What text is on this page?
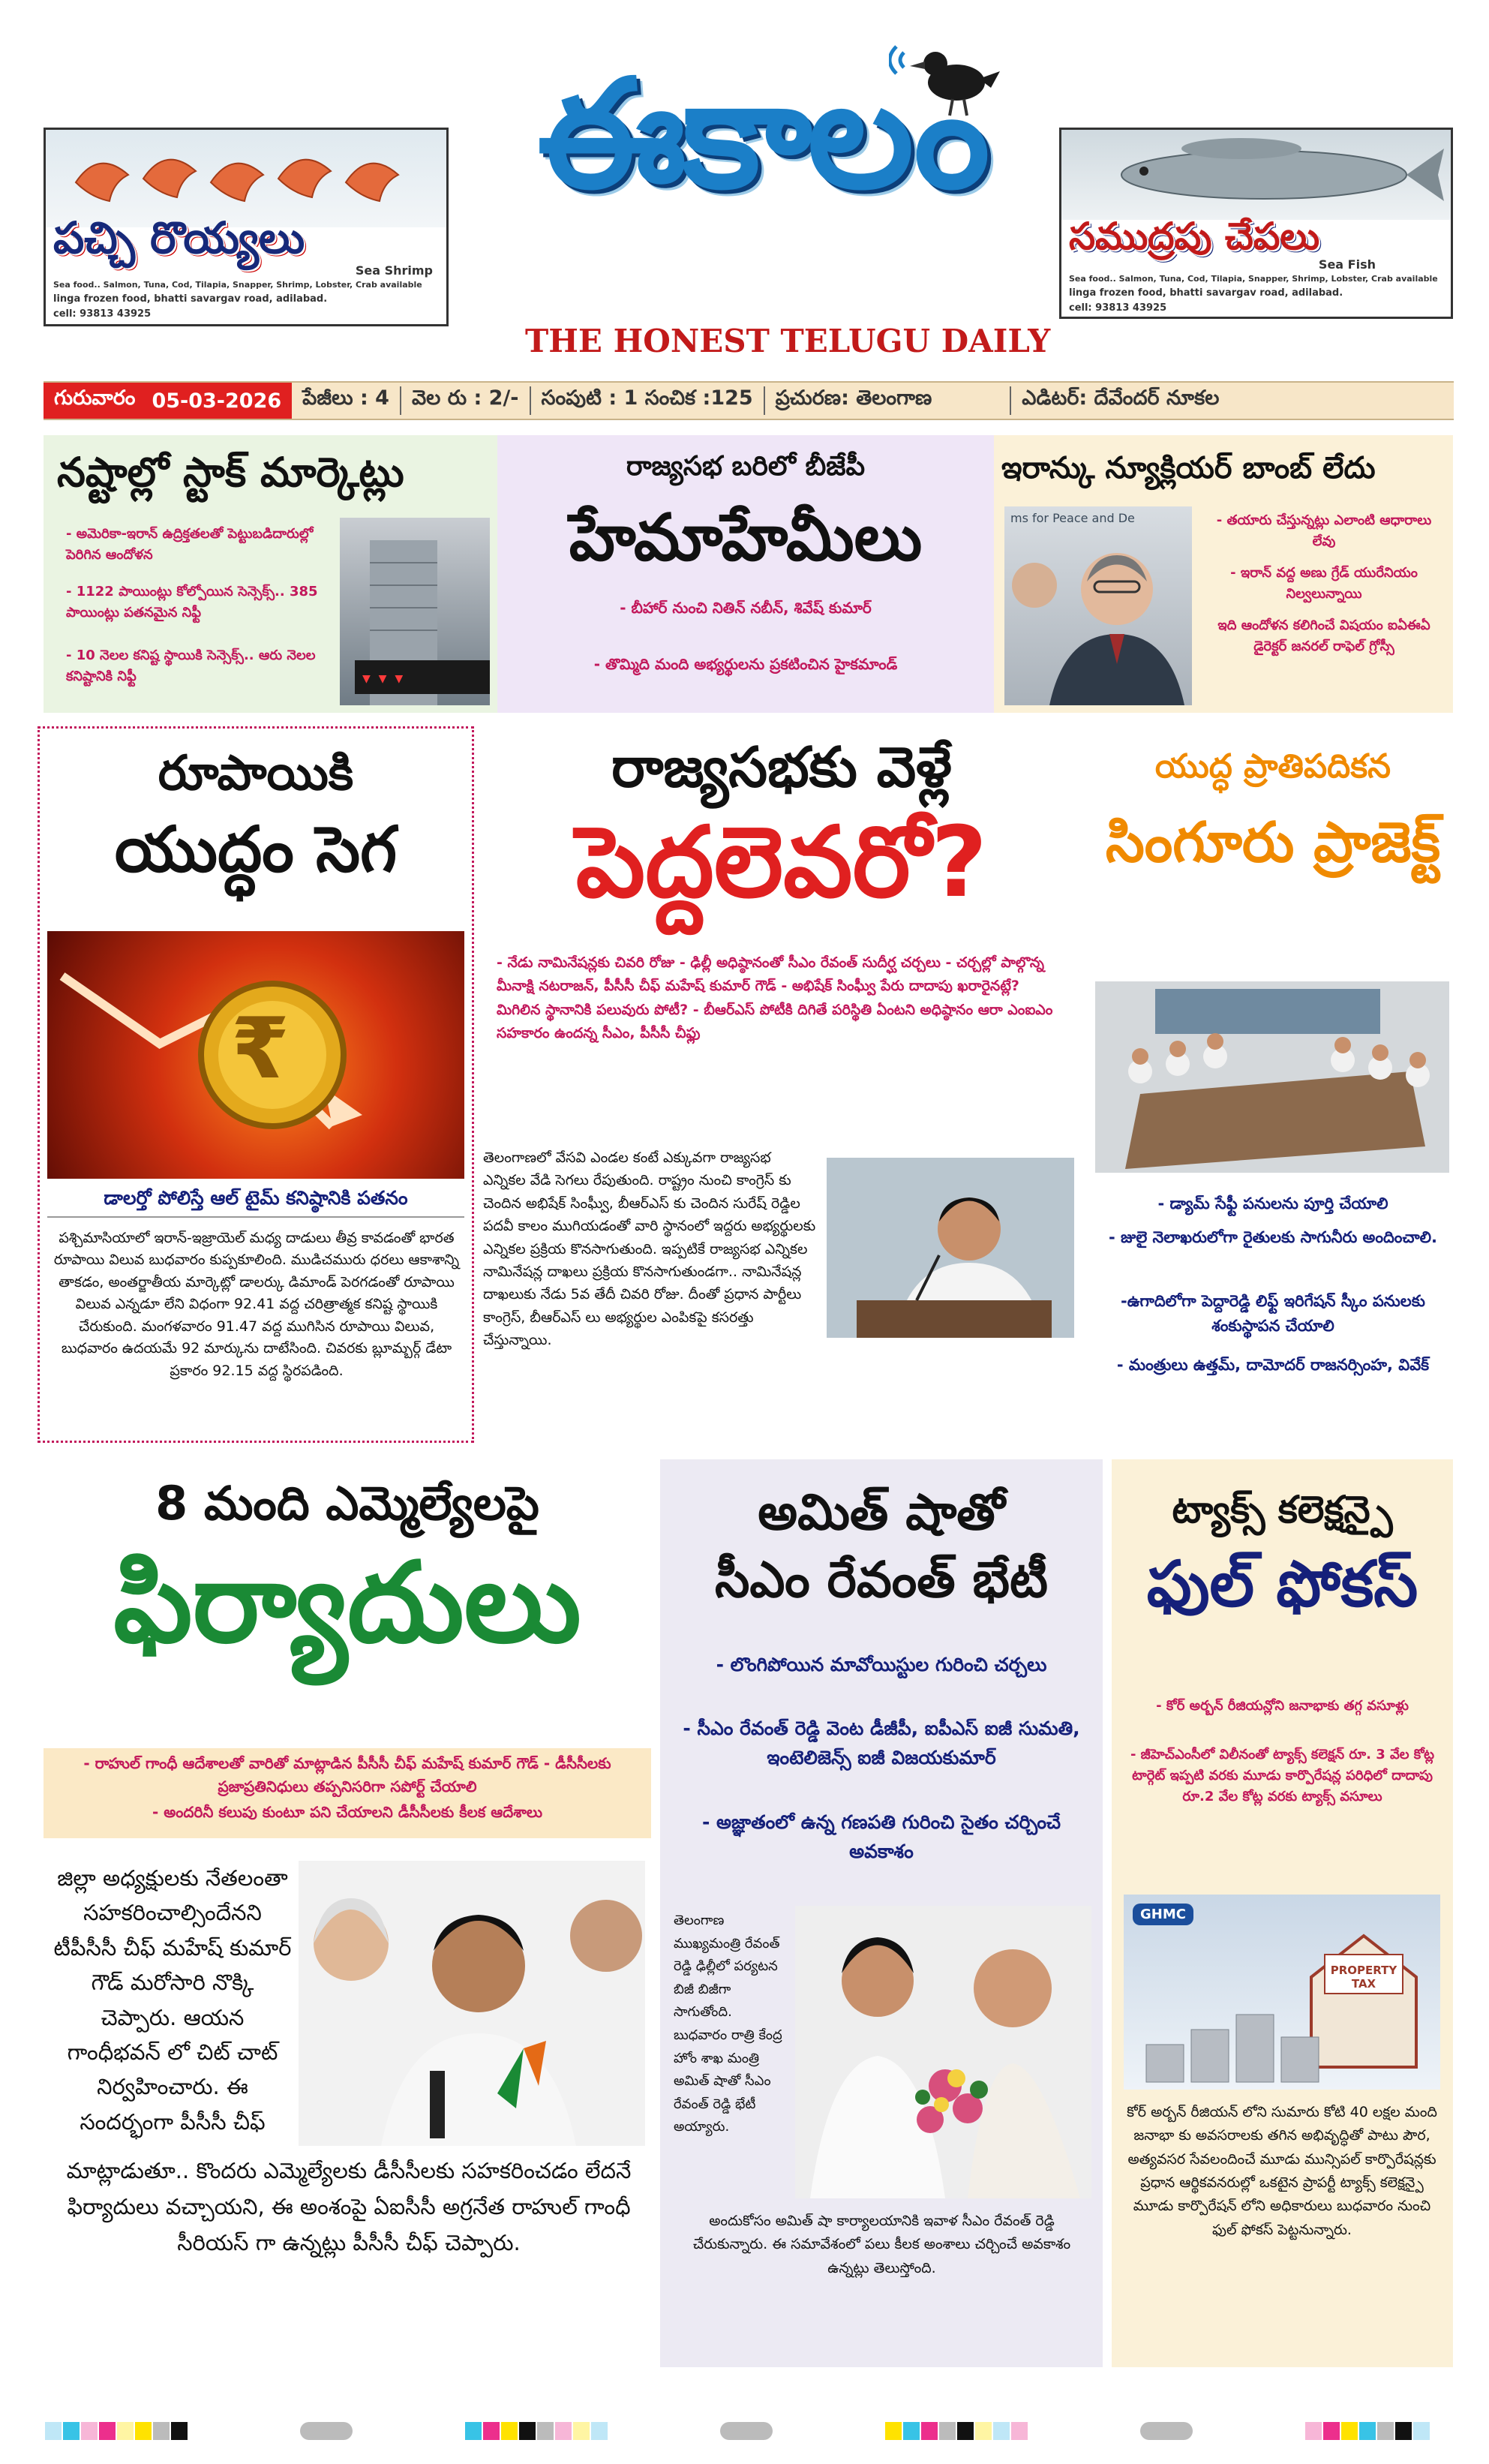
పచ్చి రొయ్యలు
Sea Shrimp
Sea food.. Salmon, Tuna, Cod, Tilapia, Snapper, Shrimp, Lobster, Crab available
linga frozen food, bhatti savargav road, adilabad.
cell: 93813 43925
సముద్రపు చేపలు
Sea Fish
Sea food.. Salmon, Tuna, Cod, Tilapia, Snapper, Shrimp, Lobster, Crab available
linga frozen food, bhatti savargav road, adilabad.
cell: 93813 43925
ఈకాలం
THE HONEST TELUGU DAILY
గురువారం 05-03-2026	పేజీలు : 4	వెల రు : 2/-	సంపుటి : 1 సంచిక :125	ప్రచురణ: తెలంగాణ	ఎడిటర్: దేవేందర్ నూకల
నష్టాల్లో స్టాక్ మార్కెట్లు
▼ ▼ ▼
- అమెరికా-ఇరాన్ ఉద్రిక్తతలతో పెట్టుబడిదారుల్లో పెరిగిన ఆందోళన
- 1122 పాయింట్లు కోల్పోయిన సెన్సెక్స్.. 385 పాయింట్లు పతనమైన నిఫ్టీ
- 10 నెలల కనిష్ట స్థాయికి సెన్సెక్స్.. ఆరు నెలల కనిష్టానికి నిఫ్టీ
రాజ్యసభ బరిలో బీజేపీ
హేమాహేమీలు
- బీహార్ నుంచి నితిన్ నబీన్, శివేష్ కుమార్
- తొమ్మిది మంది అభ్యర్థులను ప్రకటించిన హైకమాండ్
ఇరాన్కు న్యూక్లియర్ బాంబ్ లేదు
ms for Peace and De	- తయారు చేస్తున్నట్లు ఎలాంటి ఆధారాలు లేవు
- ఇరాన్ వద్ద అణు గ్రేడ్ యురేనియం నిల్వలున్నాయి
ఇది ఆందోళన కలిగించే విషయం ఐఏఈఏ డైరెక్టర్ జనరల్ రాఫెల్ గ్రోస్సీ
రూపాయికి
యుద్ధం సెగ
₹
డాలర్తో పోలిస్తే ఆల్ టైమ్ కనిష్ఠానికి పతనం
పశ్చిమాసియాలో ఇరాన్-ఇజ్రాయెల్ మధ్య దాడులు తీవ్ర కావడంతో భారత రూపాయి విలువ బుధవారం కుప్పకూలింది. ముడిచమురు ధరలు ఆకాశాన్ని తాకడం, అంతర్జాతీయ మార్కెట్లో డాలర్కు డిమాండ్ పెరగడంతో రూపాయి విలువ ఎన్నడూ లేని విధంగా 92.41 వద్ద చరిత్రాత్మక కనిష్ట స్థాయికి చేరుకుంది. మంగళవారం 91.47 వద్ద ముగిసిన రూపాయి విలువ, బుధవారం ఉదయమే 92 మార్కును దాటేసింది. చివరకు బ్లూమ్బర్గ్ డేటా ప్రకారం 92.15 వద్ద స్థిరపడింది.
రాజ్యసభకు వెళ్లే
పెద్దలెవరో?
- నేడు నామినేషన్లకు చివరి రోజు - ఢిల్లీ అధిష్ఠానంతో సీఎం రేవంత్ సుదీర్ఘ చర్చలు - చర్చల్లో పాల్గొన్న మీనాక్షి నటరాజన్, పీసీసీ చీఫ్ మహేష్ కుమార్ గౌడ్ - అభిషేక్ సింఘ్వీ పేరు దాదాపు ఖరారైనట్లే? మిగిలిన స్థానానికి పలువురు పోటీ? - బీఆర్ఎస్ పోటీకి దిగితే పరిస్థితి ఏంటని అధిష్ఠానం ఆరా ఎంఐఎం సహకారం ఉందన్న సీఎం, పీసీసీ చీఫ్లు
తెలంగాణలో వేసవి ఎండల కంటే ఎక్కువగా రాజ్యసభ ఎన్నికల వేడి సెగలు రేపుతుంది. రాష్ట్రం నుంచి కాంగ్రెస్ కు చెందిన అభిషేక్ సింఘ్వీ, బీఆర్ఎస్ కు చెందిన సురేష్ రెడ్డిల పదవీ కాలం ముగియడంతో వారి స్థానంలో ఇద్దరు అభ్యర్థులకు ఎన్నికల ప్రక్రియ కొనసాగుతుంది. ఇప్పటికే రాజ్యసభ ఎన్నికల నామినేషన్ల దాఖలు ప్రక్రియ కొనసాగుతుండగా.. నామినేషన్ల దాఖలుకు నేడు 5వ తేదీ చివరి రోజు. దీంతో ప్రధాన పార్టీలు కాంగ్రెస్, బీఆర్ఎస్ లు అభ్యర్థుల ఎంపికపై కసరత్తు చేస్తున్నాయి.
యుద్ధ ప్రాతిపదికన
సింగూరు ప్రాజెక్ట్
- డ్యామ్ సేఫ్టీ పనులను పూర్తి చేయాలి
- జులై నెలాఖరులోగా రైతులకు సాగునీరు అందించాలి.
-ఉగాదిలోగా పెద్దారెడ్డి లిఫ్ట్ ఇరిగేషన్ స్కీం పనులకు శంకుస్థాపన చేయాలి
- మంత్రులు ఉత్తమ్, దామోదర్ రాజనర్సింహ, వివేక్
8 మంది ఎమ్మెల్యేలపై
ఫిర్యాదులు
- రాహుల్ గాంధీ ఆదేశాలతో వారితో మాట్లాడిన పీసీసీ చీఫ్ మహేష్ కుమార్ గౌడ్ - డీసీసీలకు ప్రజాప్రతినిధులు తప్పనిసరిగా సపోర్ట్ చేయాలి
- అందరినీ కలుపు కుంటూ పని చేయాలని డీసీసీలకు కీలక ఆదేశాలు
జిల్లా అధ్యక్షులకు నేతలంతా సహకరించాల్సిందేనని టీపీసీసీ చీఫ్ మహేష్ కుమార్ గౌడ్ మరోసారి నొక్కి చెప్పారు. ఆయన గాంధీభవన్ లో చిట్ చాట్ నిర్వహించారు. ఈ సందర్భంగా పీసీసీ చీఫ్
మాట్లాడుతూ.. కొందరు ఎమ్మెల్యేలకు డీసీసీలకు సహకరించడం లేదనే ఫిర్యాదులు వచ్చాయని, ఈ అంశంపై ఏఐసీసీ అగ్రనేత రాహుల్ గాంధీ సీరియస్ గా ఉన్నట్లు పీసీసీ చీఫ్ చెప్పారు.
అమిత్ షాతో
సీఎం రేవంత్ భేటీ
- లొంగిపోయిన మావోయిస్టుల గురించి చర్చలు
- సీఎం రేవంత్ రెడ్డి వెంట డీజీపీ, ఐపీఎస్ ఐజీ సుమతి, ఇంటెలిజెన్స్ ఐజీ విజయకుమార్
- అజ్ఞాతంలో ఉన్న గణపతి గురించి సైతం చర్చించే అవకాశం
తెలంగాణ ముఖ్యమంత్రి రేవంత్ రెడ్డి ఢిల్లీలో పర్యటన బిజీ బిజీగా సాగుతోంది. బుధవారం రాత్రి కేంద్ర హోం శాఖ మంత్రి అమిత్ షాతో సీఎం రేవంత్ రెడ్డి భేటీ అయ్యారు.
అందుకోసం అమిత్ షా కార్యాలయానికి ఇవాళ సీఎం రేవంత్ రెడ్డి చేరుకున్నారు. ఈ సమావేశంలో పలు కీలక అంశాలు చర్చించే అవకాశం ఉన్నట్లు తెలుస్తోంది.
ట్యాక్స్ కలెక్షన్పై
ఫుల్ ఫోకస్
- కోర్ అర్బన్ రీజియన్లోని జనాభాకు తగ్గ వసూళ్లు
- జీహెచ్ఎంసీలో విలీనంతో ట్యాక్స్ కలెక్షన్ రూ. 3 వేల కోట్ల టార్గెట్ ఇప్పటి వరకు మూడు కార్పొరేషన్ల పరిధిలో దాదాపు రూ.2 వేల కోట్ల వరకు ట్యాక్స్ వసూలు
GHMC
PROPERTY TAX
కోర్ అర్బన్ రీజియన్ లోని సుమారు కోటి 40 లక్షల మంది జనాభా కు అవసరాలకు తగిన అభివృద్ధితో పాటు పౌర, అత్యవసర సేవలందించే మూడు మున్సిపల్ కార్పొరేషన్లకు ప్రధాన ఆర్థికవనరుల్లో ఒకటైన ప్రాపర్టీ ట్యాక్స్ కలెక్షన్పై మూడు కార్పొరేషన్ లోని అధికారులు బుధవారం నుంచి ఫుల్ ఫోకస్ పెట్టనున్నారు.
